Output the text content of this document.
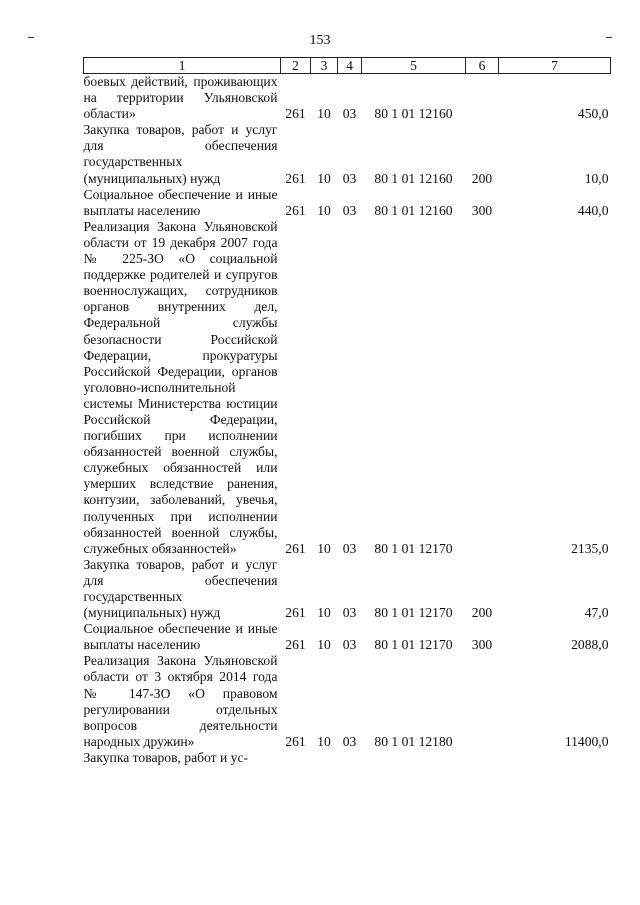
153
1	2	3	4	5	6	7
боевых действий, проживающих на территории Ульяновской области»	261	10	03	80 1 01 12160		450,0
Закупка товаров, работ и услуг для обеспечения государственных (муниципальных) нужд	261	10	03	80 1 01 12160	200	10,0
Социальное обеспечение и иные выплаты населению	261	10	03	80 1 01 12160	300	440,0
Реализация Закона Ульяновской области от 19 декабря 2007 года № 225-ЗО «О социальной поддержке родителей и супругов военнослужащих, сотрудников органов внутренних дел, Федеральной службы безопасности Российской Федерации, прокуратуры Российской Федерации, органов уголовно-исполнительной системы Министерства юстиции Российской Федерации, погибших при исполнении обязанностей военной службы, служебных обязанностей или умерших вследствие ранения, контузии, заболеваний, увечья, полученных при исполнении обязанностей военной службы, служебных обязанностей»	261	10	03	80 1 01 12170		2135,0
Закупка товаров, работ и услуг для обеспечения государственных (муниципальных) нужд	261	10	03	80 1 01 12170	200	47,0
Социальное обеспечение и иные выплаты населению	261	10	03	80 1 01 12170	300	2088,0
Реализация Закона Ульяновской области от 3 октября 2014 года № 147-ЗО «О правовом регулировании отдельных вопросов деятельности народных дружин»	261	10	03	80 1 01 12180		11400,0
Закупка товаров, работ и ус-						
